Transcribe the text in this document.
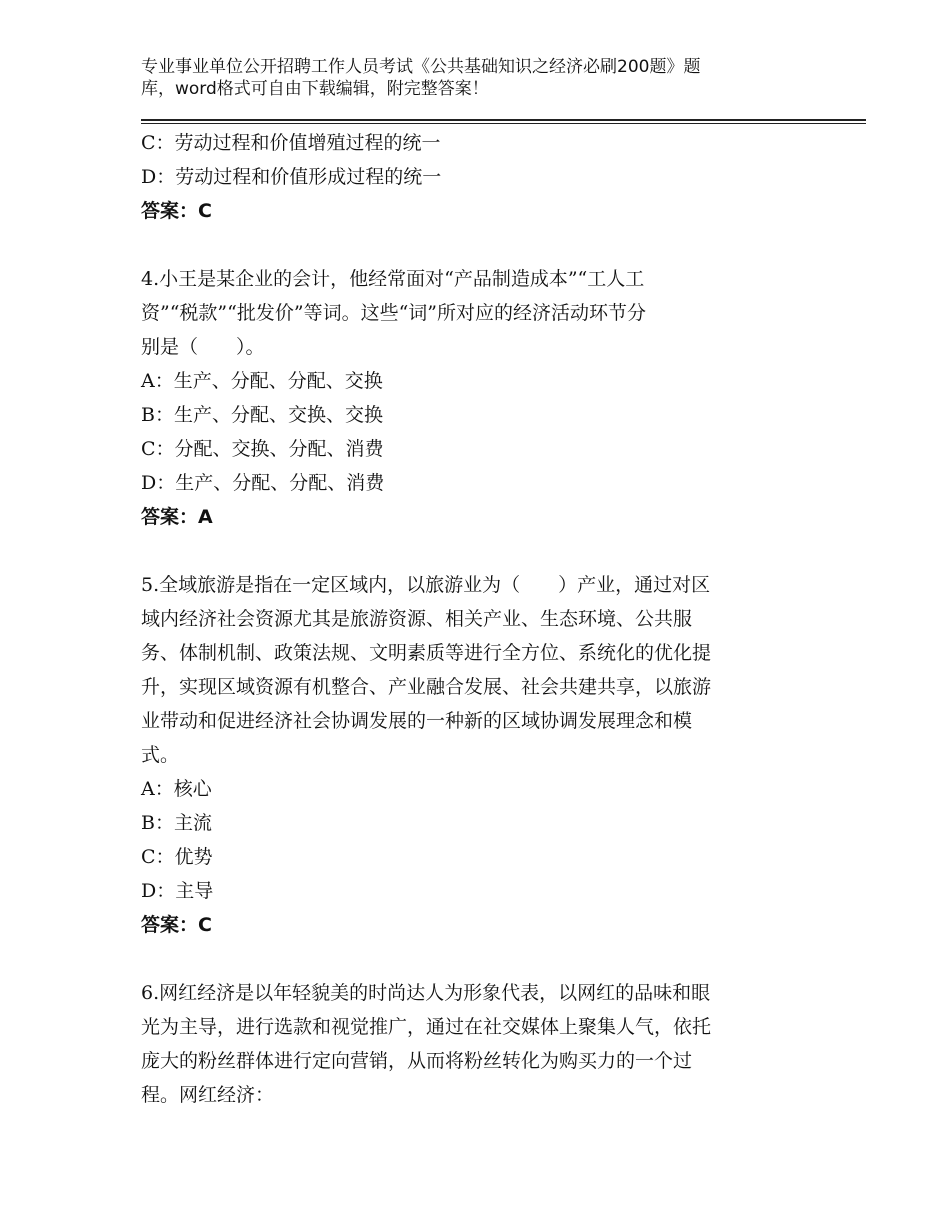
专业事业单位公开招聘工作人员考试《公共基础知识之经济必刷200题》题
库，word格式可自由下载编辑，附完整答案！

C：劳动过程和价值增殖过程的统一

D：劳动过程和价值形成过程的统一

答案：C

4.小王是某企业的会计，他经常面对“产品制造成本”“工人工

资”“税款”“批发价”等词。这些“词”所对应的经济活动环节分

别是（　　）。

A：生产、分配、分配、交换

B：生产、分配、交换、交换

C：分配、交换、分配、消费

D：生产、分配、分配、消费

答案：A

5.全域旅游是指在一定区域内，以旅游业为（　　）产业，通过对区

域内经济社会资源尤其是旅游资源、相关产业、生态环境、公共服

务、体制机制、政策法规、文明素质等进行全方位、系统化的优化提

升，实现区域资源有机整合、产业融合发展、社会共建共享，以旅游

业带动和促进经济社会协调发展的一种新的区域协调发展理念和模

式。

A：核心

B：主流

C：优势

D：主导

答案：C

6.网红经济是以年轻貌美的时尚达人为形象代表，以网红的品味和眼

光为主导，进行选款和视觉推广，通过在社交媒体上聚集人气，依托

庞大的粉丝群体进行定向营销，从而将粉丝转化为购买力的一个过

程。网红经济：
